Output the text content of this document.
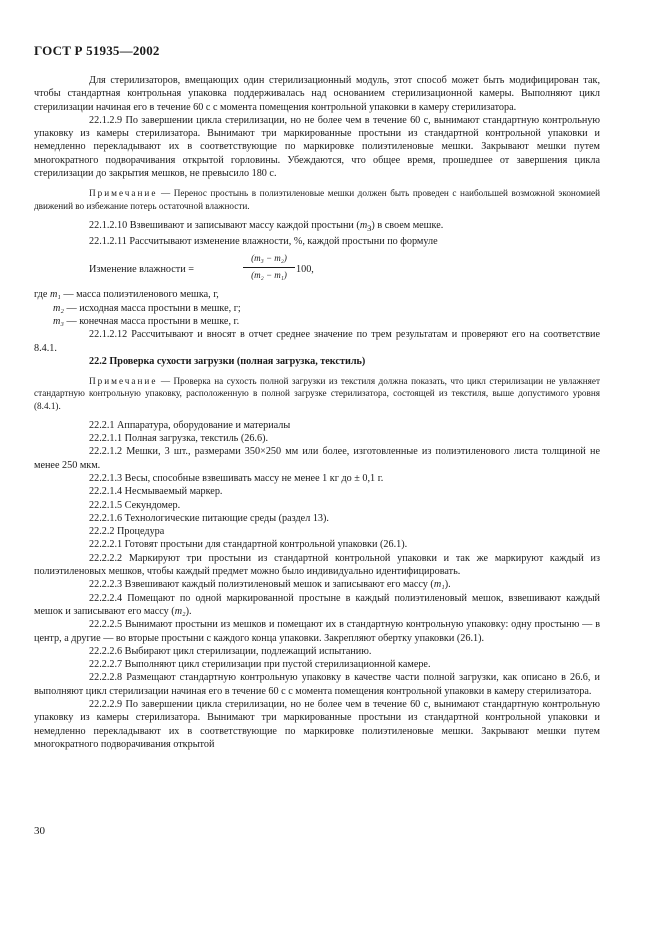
ГОСТ Р 51935—2002

Для стерилизаторов, вмещающих один стерилизационный модуль, этот способ может быть модифицирован так, чтобы стандартная контрольная упаковка поддерживалась над основанием стерилизационной камеры. Выполняют цикл стерилизации начиная его в течение 60 с с момента помещения контрольной упаковки в камеру стерилизатора.

22.1.2.9 По завершении цикла стерилизации, но не более чем в течение 60 с, вынимают стандартную контрольную упаковку из камеры стерилизатора. Вынимают три маркированные простыни из стандартной контрольной упаковки и немедленно перекладывают их в соответствующие по маркировке полиэтиленовые мешки. Закрывают мешки путем многократного подворачивания открытой горловины. Убеждаются, что общее время, прошедшее от завершения цикла стерилизации до закрытия мешков, не превысило 180 с.

Примечание — Перенос простынь в полиэтиленовые мешки должен быть проведен с наибольшей возможной экономией движений во избежание потерь остаточной влажности.

22.1.2.10 Взвешивают и записывают массу каждой простыни $(m_3)$ в своем мешке.

22.1.2.11 Рассчитывают изменение влажности, %, каждой простыни по формуле

Изменение влажности =	$\frac{\text{(m₃ − m₂)}}{\text{(m₂ − m₁)}} 100$,

где m₁ — масса полиэтиленового мешка, г,

m₂ — исходная масса простыни в мешке, г;

m₃ — конечная масса простыни в мешке, г.

22.1.2.12 Рассчитывают и вносят в отчет среднее значение по трем результатам и проверяют его на соответствие 8.4.1.

22.2 Проверка сухости загрузки (полная загрузка, текстиль)

Примечание — Проверка на сухость полной загрузки из текстиля должна показать, что цикл стерилизации не увлажняет стандартную контрольную упаковку, расположенную в полной загрузке стерилизатора, состоящей из текстиля, выше допустимого уровня (8.4.1).

22.2.1 Аппаратура, оборудование и материалы

22.2.1.1 Полная загрузка, текстиль (26.6).

22.2.1.2 Мешки, 3 шт., размерами 350×250 мм или более, изготовленные из полиэтиленового листа толщиной не менее 250 мкм.

22.2.1.3 Весы, способные взвешивать массу не менее 1 кг до ± 0,1 г.

22.2.1.4 Несмываемый маркер.

22.2.1.5 Секундомер.

22.2.1.6 Технологические питающие среды (раздел 13).

22.2.2 Процедура

22.2.2.1 Готовят простыни для стандартной контрольной упаковки (26.1).

22.2.2.2 Маркируют три простыни из стандартной контрольной упаковки и так же маркируют каждый из полиэтиленовых мешков, чтобы каждый предмет можно было индивидуально идентифицировать.

22.2.2.3 Взвешивают каждый полиэтиленовый мешок и записывают его массу (m₁).

22.2.2.4 Помещают по одной маркированной простыне в каждый полиэтиленовый мешок, взвешивают каждый мешок и записывают его массу (m₂).

22.2.2.5 Вынимают простыни из мешков и помещают их в стандартную контрольную упаковку: одну простыню — в центр, а другие — во вторые простыни с каждого конца упаковки. Закрепляют обертку упаковки (26.1).

22.2.2.6 Выбирают цикл стерилизации, подлежащий испытанию.

22.2.2.7 Выполняют цикл стерилизации при пустой стерилизационной камере.

22.2.2.8 Размещают стандартную контрольную упаковку в качестве части полной загрузки, как описано в 26.6, и выполняют цикл стерилизации начиная его в течение 60 с с момента помещения контрольной упаковки в камеру стерилизатора.

22.2.2.9 По завершении цикла стерилизации, но не более чем в течение 60 с, вынимают стандартную контрольную упаковку из камеры стерилизатора. Вынимают три маркированные простыни из стандартной контрольной упаковки и немедленно перекладывают их в соответствующие по маркировке полиэтиленовые мешки. Закрывают мешки путем многократного подворачивания открытой

30
